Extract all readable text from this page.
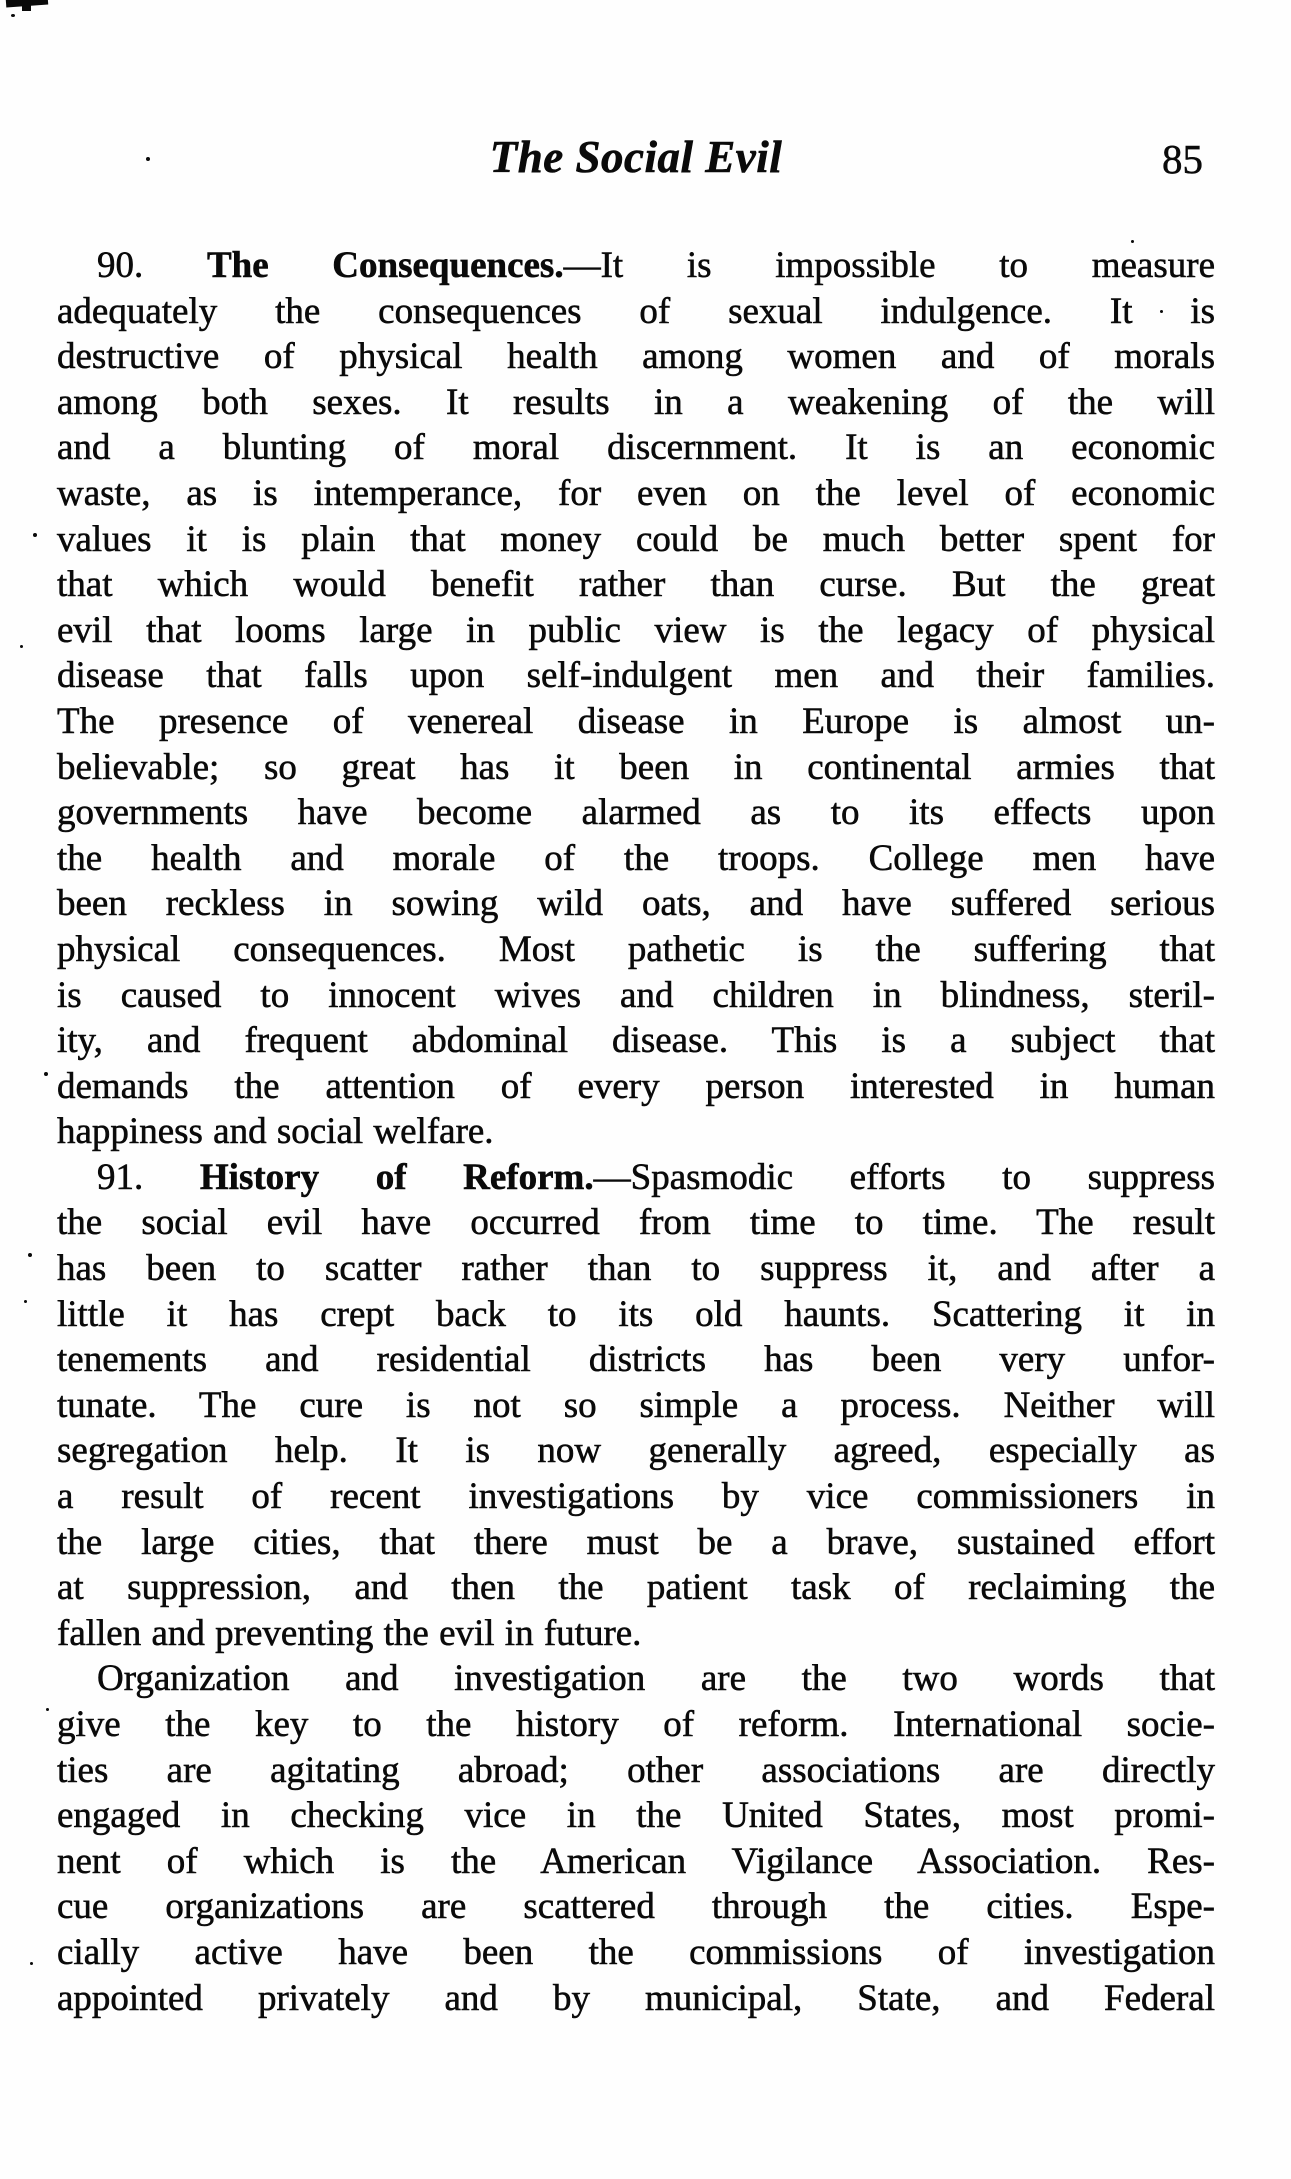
The Social Evil	85
90. The Consequences.—It is impossible to measure
adequately the consequences of sexual indulgence. It is
destructive of physical health among women and of morals
among both sexes. It results in a weakening of the will
and a blunting of moral discernment. It is an economic
waste, as is intemperance, for even on the level of economic
values it is plain that money could be much better spent for
that which would benefit rather than curse. But the great
evil that looms large in public view is the legacy of physical
disease that falls upon self-indulgent men and their families.
The presence of venereal disease in Europe is almost un-
believable; so great has it been in continental armies that
governments have become alarmed as to its effects upon
the health and morale of the troops. College men have
been reckless in sowing wild oats, and have suffered serious
physical consequences. Most pathetic is the suffering that
is caused to innocent wives and children in blindness, steril-
ity, and frequent abdominal disease. This is a subject that
demands the attention of every person interested in human
happiness and social welfare.
91. History of Reform.—Spasmodic efforts to suppress
the social evil have occurred from time to time. The result
has been to scatter rather than to suppress it, and after a
little it has crept back to its old haunts. Scattering it in
tenements and residential districts has been very unfor-
tunate. The cure is not so simple a process. Neither will
segregation help. It is now generally agreed, especially as
a result of recent investigations by vice commissioners in
the large cities, that there must be a brave, sustained effort
at suppression, and then the patient task of reclaiming the
fallen and preventing the evil in future.
Organization and investigation are the two words that
give the key to the history of reform. International socie-
ties are agitating abroad; other associations are directly
engaged in checking vice in the United States, most promi-
nent of which is the American Vigilance Association. Res-
cue organizations are scattered through the cities. Espe-
cially active have been the commissions of investigation
appointed privately and by municipal, State, and Federal
